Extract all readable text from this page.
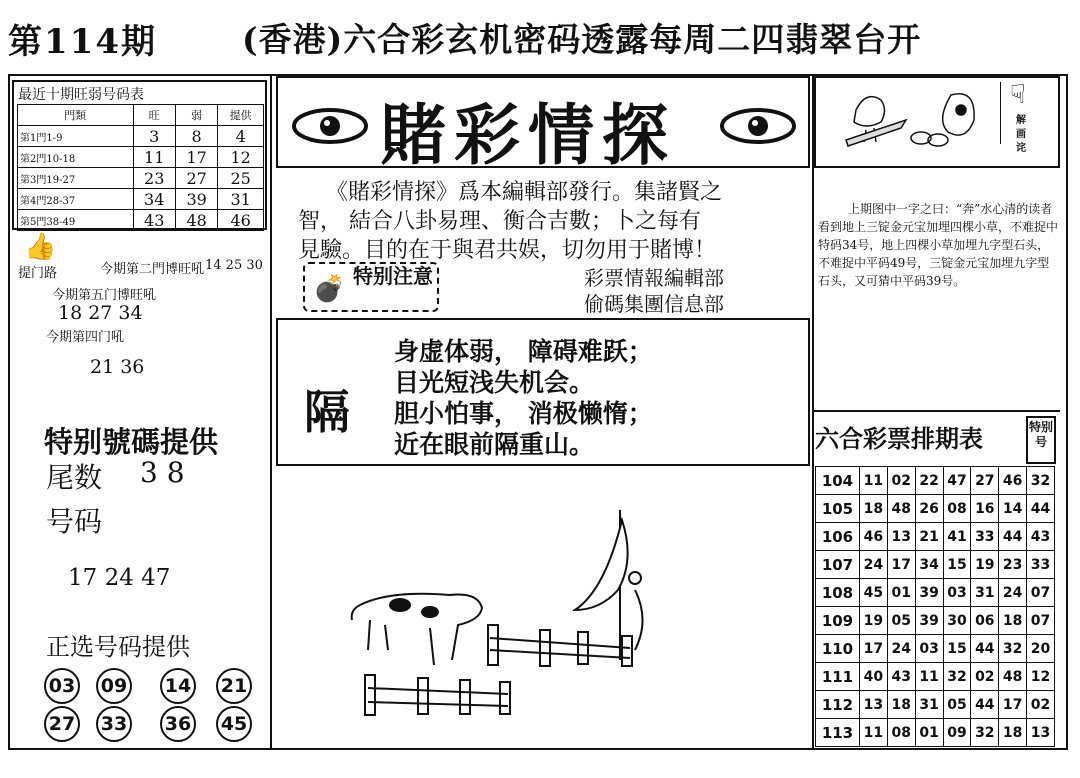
第114期	(香港)六合彩玄机密码透露每周二四翡翠台开
最近十期旺弱号码表
門類	旺	弱	提供
第1門1-9	3	8	4
第2門10-18	11	17	12
第3門19-27	23	27	25
第4門28-37	34	39	31
第5門38-49	43	48	46
👍
提门路	今期第二門博旺吼 14 25 30
今期第五门博旺吼
18 27 34
今期第四门吼
21 36
特别號碼提供
尾数 3 8
号码
17 24 47
正选号码提供
03 09 14 21
27 33 36 45
賭彩情探

《賭彩情探》爲本編輯部發行。集諸賢之

智， 結合八卦易理、衡合吉數；卜之每有

見驗。目的在于與君共娱，切勿用于賭博！

💣 特别注意	彩票情報編輯部
偷碼集團信息部
隔

身虚体弱， 障碍难跃；

目光短浅失机会。

胆小怕事， 消极懒惰；

近在眼前隔重山。

☟
解画诧

上期图中一字之曰：“奔”水心清的读者看到地上三锭金元宝加埋四棵小草，不难捉中特码34号，地上四棵小草加埋九字型石头，不难捉中平码49号，三锭金元宝加埋九字型石头，又可猜中平码39号。

六合彩票排期表	特别号
104	11	02	22	47	27	46	32
105	18	48	26	08	16	14	44
106	46	13	21	41	33	44	43
107	24	17	34	15	19	23	33
108	45	01	39	03	31	24	07
109	19	05	39	30	06	18	07
110	17	24	03	15	44	32	20
111	40	43	11	32	02	48	12
112	13	18	31	05	44	17	02
113	11	08	01	09	32	18	13
